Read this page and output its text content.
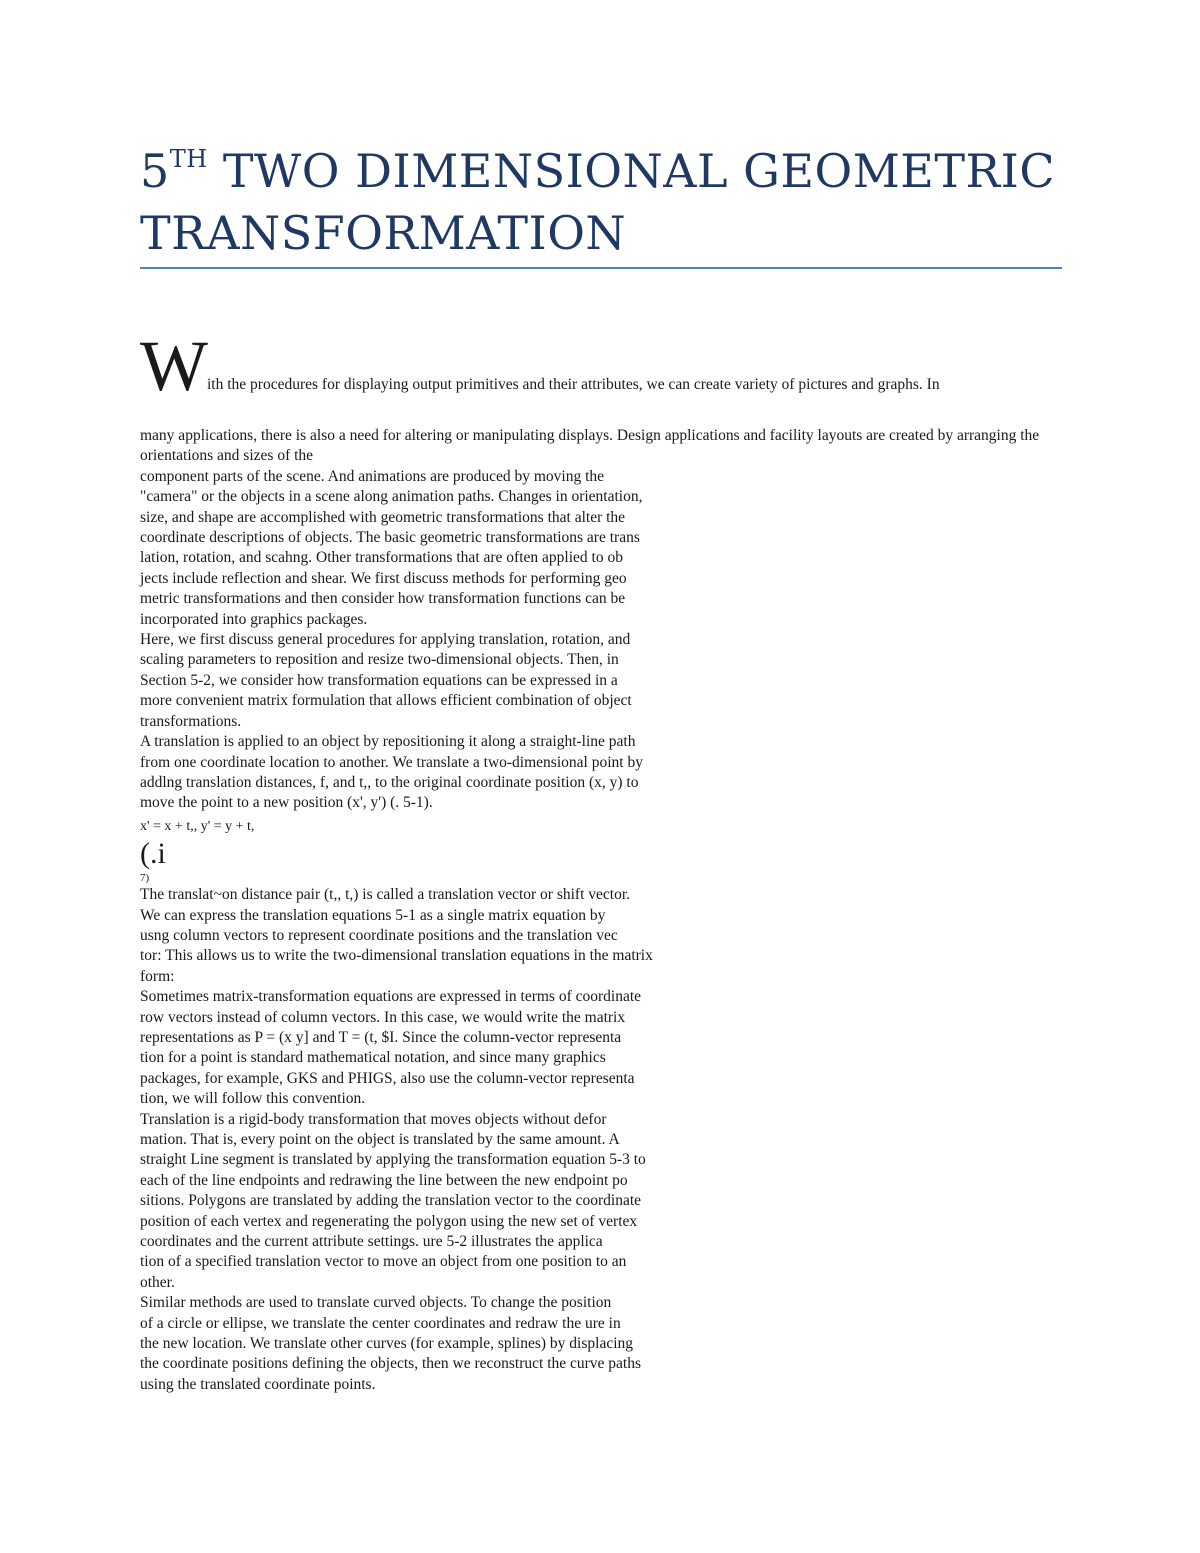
5TH TWO DIMENSIONAL GEOMETRIC
TRANSFORMATION
W ith the procedures for displaying output primitives and their attributes, we can create variety of pictures and graphs. In

many applications, there is also a need for altering or manipulating displays. Design applications and facility layouts are created by arranging the orientations and sizes of the

component parts of the scene. And animations are produced by moving the
"camera" or the objects in a scene along animation paths. Changes in orientation,
size, and shape are accomplished with geometric transformations that alter the
coordinate descriptions of objects. The basic geometric transformations are trans
lation, rotation, and scahng. Other transformations that are often applied to ob
jects include reflection and shear. We first discuss methods for performing geo
metric transformations and then consider how transformation functions can be
incorporated into graphics packages.
Here, we first discuss general procedures for applying translation, rotation, and
scaling parameters to reposition and resize two-dimensional objects. Then, in
Section 5-2, we consider how transformation equations can be expressed in a
more convenient matrix formulation that allows efficient combination of object
transformations.
A translation is applied to an object by repositioning it along a straight-line path
from one coordinate location to another. We translate a two-dimensional point by
addlng translation distances, f, and t,, to the original coordinate position (x, y) to
move the point to a new position (x', y') (. 5-1).
x' = x + t,, y' = y + t,
(.i
7)
The translat~on distance pair (t,, t,) is called a translation vector or shift vector.
We can express the translation equations 5-1 as a single matrix equation by
usng column vectors to represent coordinate positions and the translation vec
tor: This allows us to write the two-dimensional translation equations in the matrix
form:
Sometimes matrix-transformation equations are expressed in terms of coordinate
row vectors instead of column vectors. In this case, we would write the matrix
representations as P = (x y] and T = (t, $I. Since the column-vector representa
tion for a point is standard mathematical notation, and since many graphics
packages, for example, GKS and PHIGS, also use the column-vector representa
tion, we will follow this convention.
Translation is a rigid-body transformation that moves objects without defor
mation. That is, every point on the object is translated by the same amount. A
straight Line segment is translated by applying the transformation equation 5-3 to
each of the line endpoints and redrawing the line between the new endpoint po
sitions. Polygons are translated by adding the translation vector to the coordinate
position of each vertex and regenerating the polygon using the new set of vertex
coordinates and the current attribute settings. ure 5-2 illustrates the applica
tion of a specified translation vector to move an object from one position to an
other.
Similar methods are used to translate curved objects. To change the position
of a circle or ellipse, we translate the center coordinates and redraw the ure in
the new location. We translate other curves (for example, splines) by displacing
the coordinate positions defining the objects, then we reconstruct the curve paths
using the translated coordinate points.
